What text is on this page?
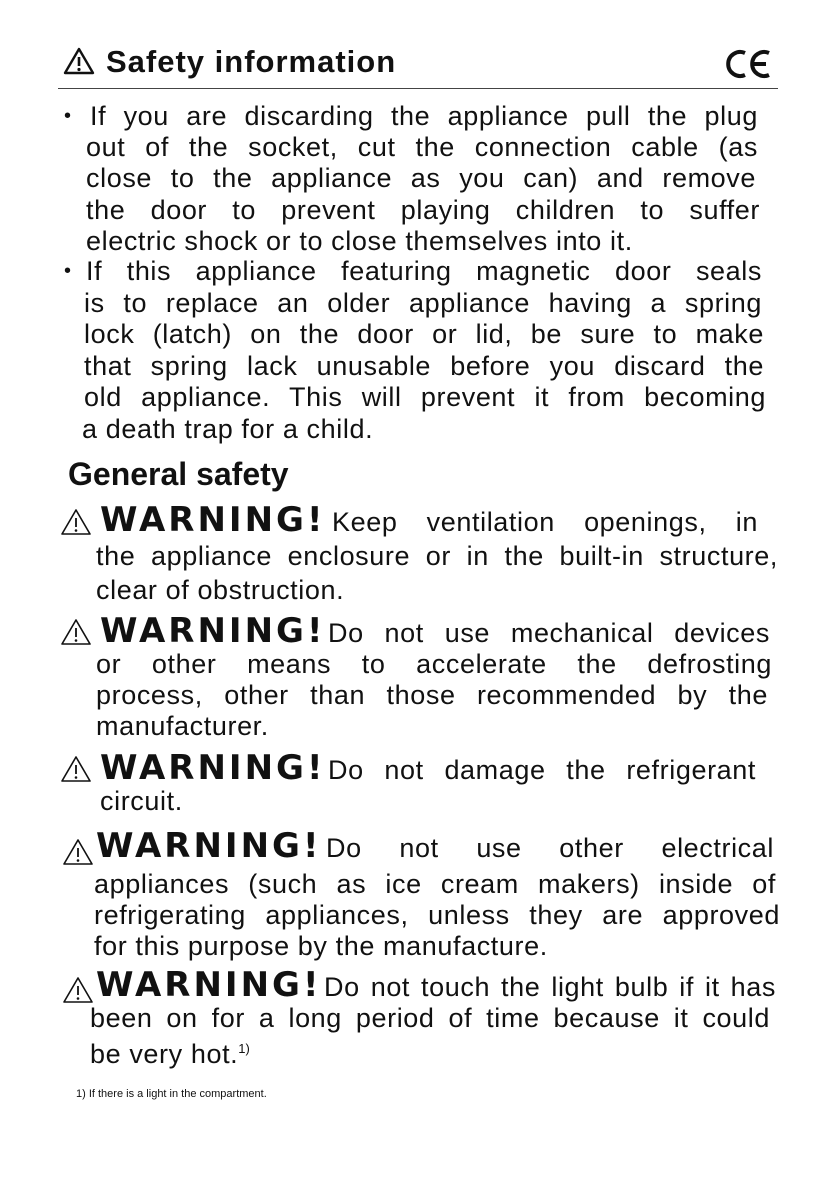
Safety information
• If you are discarding the appliance pull the plug
out of the socket, cut the connection cable (as
close to the appliance as you can) and remove
the door to prevent playing children to suffer
electric shock or to close themselves into it.
• If this appliance featuring magnetic door seals
is to replace an older appliance having a spring
lock (latch) on the door or lid, be sure to make
that spring lack unusable before you discard the
old appliance. This will prevent it from becoming
a death trap for a child.
General safety
WARNING! Keep ventilation openings, in
the appliance enclosure or in the built-in structure,
clear of obstruction.
WARNING! Do not use mechanical devices
or other means to accelerate the defrosting
process, other than those recommended by the
manufacturer.
WARNING! Do not damage the refrigerant
circuit.
WARNING! Do not use other electrical
appliances (such as ice cream makers) inside of
refrigerating appliances, unless they are approved
for this purpose by the manufacture.
WARNING! Do not touch the light bulb if it has
been on for a long period of time because it could
be very hot.$^{1)}$
1) If there is a light in the compartment.
